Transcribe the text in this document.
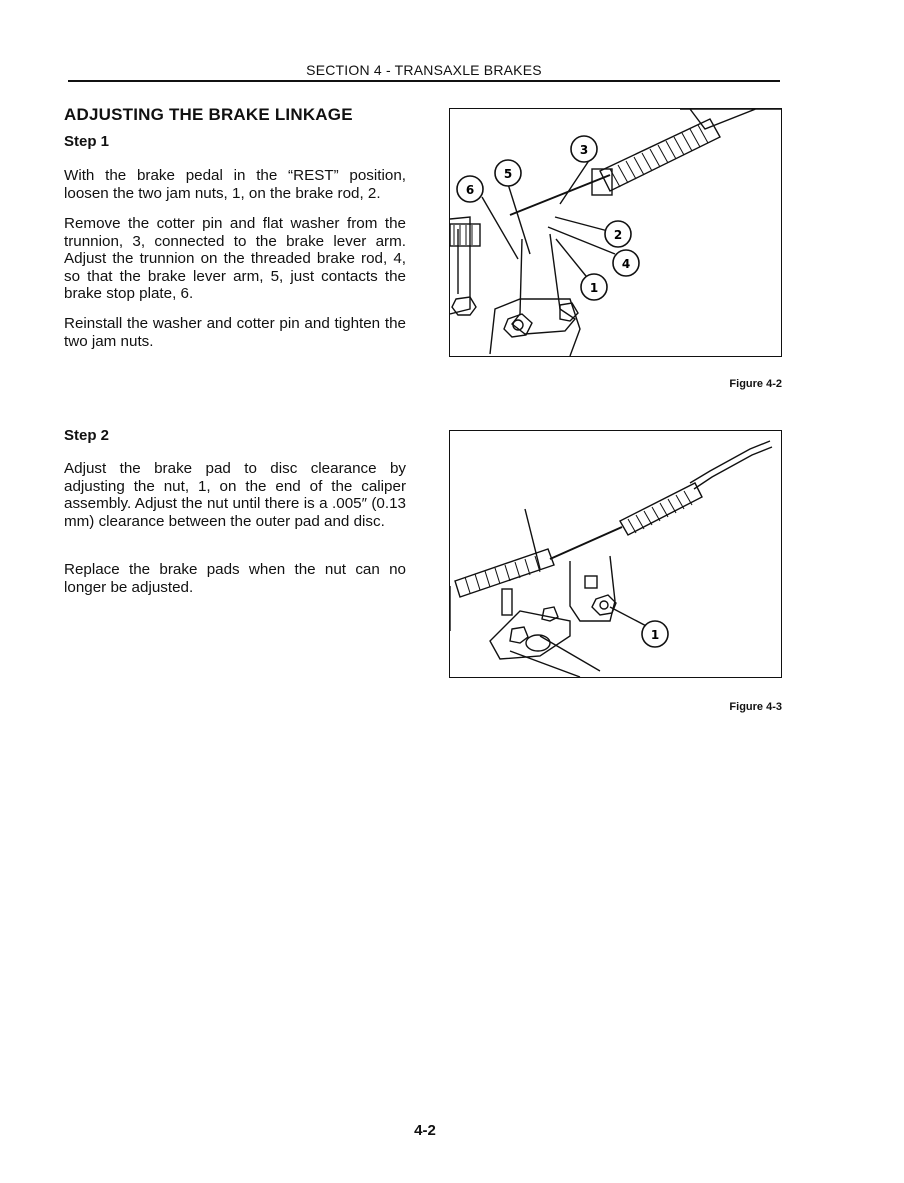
SECTION 4 - TRANSAXLE BRAKES
ADJUSTING THE BRAKE LINKAGE
Step 1

With the brake pedal in the “REST” position, loosen the two jam nuts, 1, on the brake rod, 2.

Remove the cotter pin and flat washer from the trunnion, 3, connected to the brake lever arm. Adjust the trunnion on the threaded brake rod, 4, so that the brake lever arm, 5, just contacts the brake stop plate, 6.

Reinstall the washer and cotter pin and tighten the two jam nuts.

Step 2

Adjust the brake pad to disc clearance by adjusting the nut, 1, on the end of the caliper assembly. Adjust the nut until there is a .005″ (0.13 mm) clearance between the outer pad and disc.

Replace the brake pads when the nut can no longer be adjusted.

3
5
6
2
4
1
Figure 4-2
1
Figure 4-3
4-2
